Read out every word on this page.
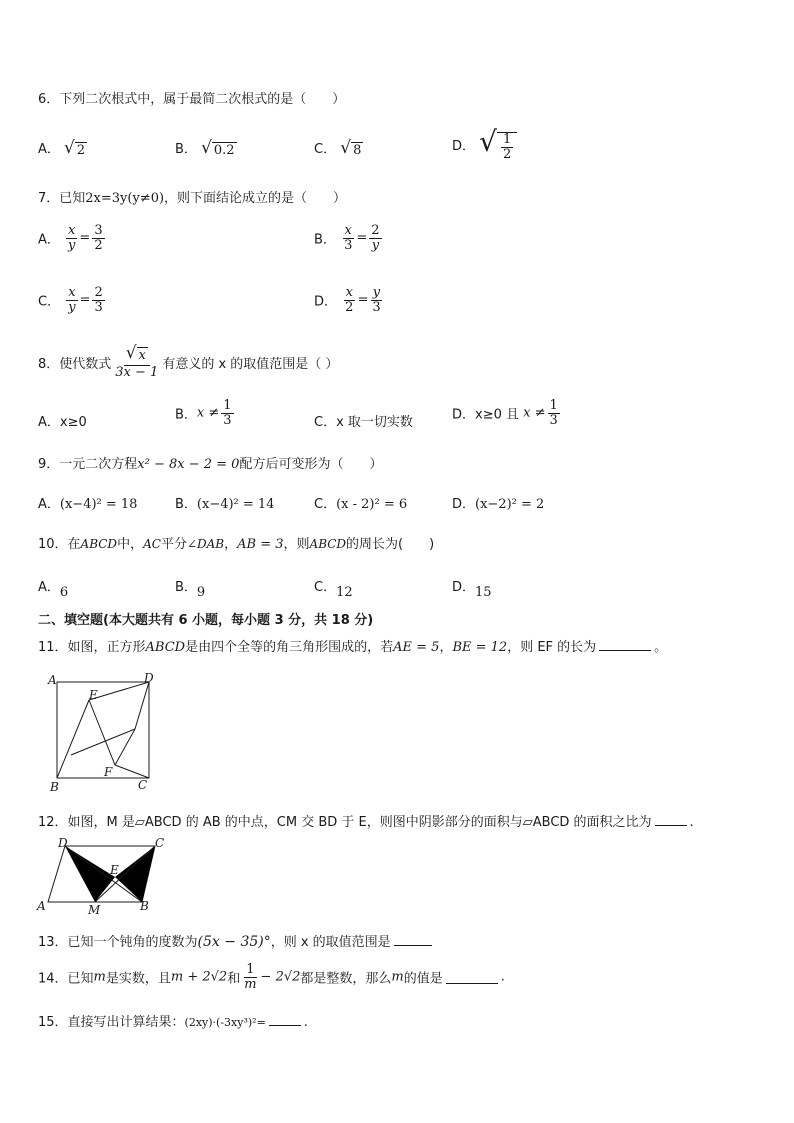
6．下列二次根式中，属于最简二次根式的是（　　）
A． √ 2	B． √ 0.2	C． √ 8	D． √ $\frac{1}{2}$
7．已知2x=3y(y≠0)，则下面结论成立的是（　　）
A． $\frac{x}{y} = \frac{3}{2}$	B． $\frac{x}{3} = \frac{2}{y}$
C． $\frac{x}{y} = \frac{2}{3}$	D． $\frac{x}{2} = \frac{y}{3}$
8．使代数式 $\frac{√ x}{3x - 1}$ 有意义的 x 的取值范围是（ ）
A．x≥0	B．$x \ne \frac{1}{3}$	C．x 取一切实数	D．x≥0 且 $x \ne \frac{1}{3}$
9．一元二次方程x² − 8x − 2 = 0配方后可变形为（　　）
A．(x−4)² = 18	B．(x−4)² = 14	C．(x - 2)² = 6	D．(x−2)² = 2
10．在ABCD中，AC平分∠DAB，AB = 3，则ABCD的周长为(　　)
A．6	B．9	C．12	D．15
二、填空题(本大题共有 6 小题，每小题 3 分，共 18 分)
11．如图，正方形ABCD是由四个全等的角三角形围成的，若AE = 5，BE = 12，则 EF 的长为	。
A	D
E
F
B	C
12．如图，M 是▱ABCD 的 AB 的中点，CM 交 BD 于 E，则图中阴影部分的面积与▱ABCD 的面积之比为	.
D	C
E
A	M	B
13．已知一个钝角的度数为(5x − 35)°，则 x 的取值范围是
14．已知m是实数，且m + 2√2和 $\frac{1}{m} - 2√2$都是整数，那么m的值是	.
15．直接写出计算结果：(2xy)·(-3xy³)²=	.
